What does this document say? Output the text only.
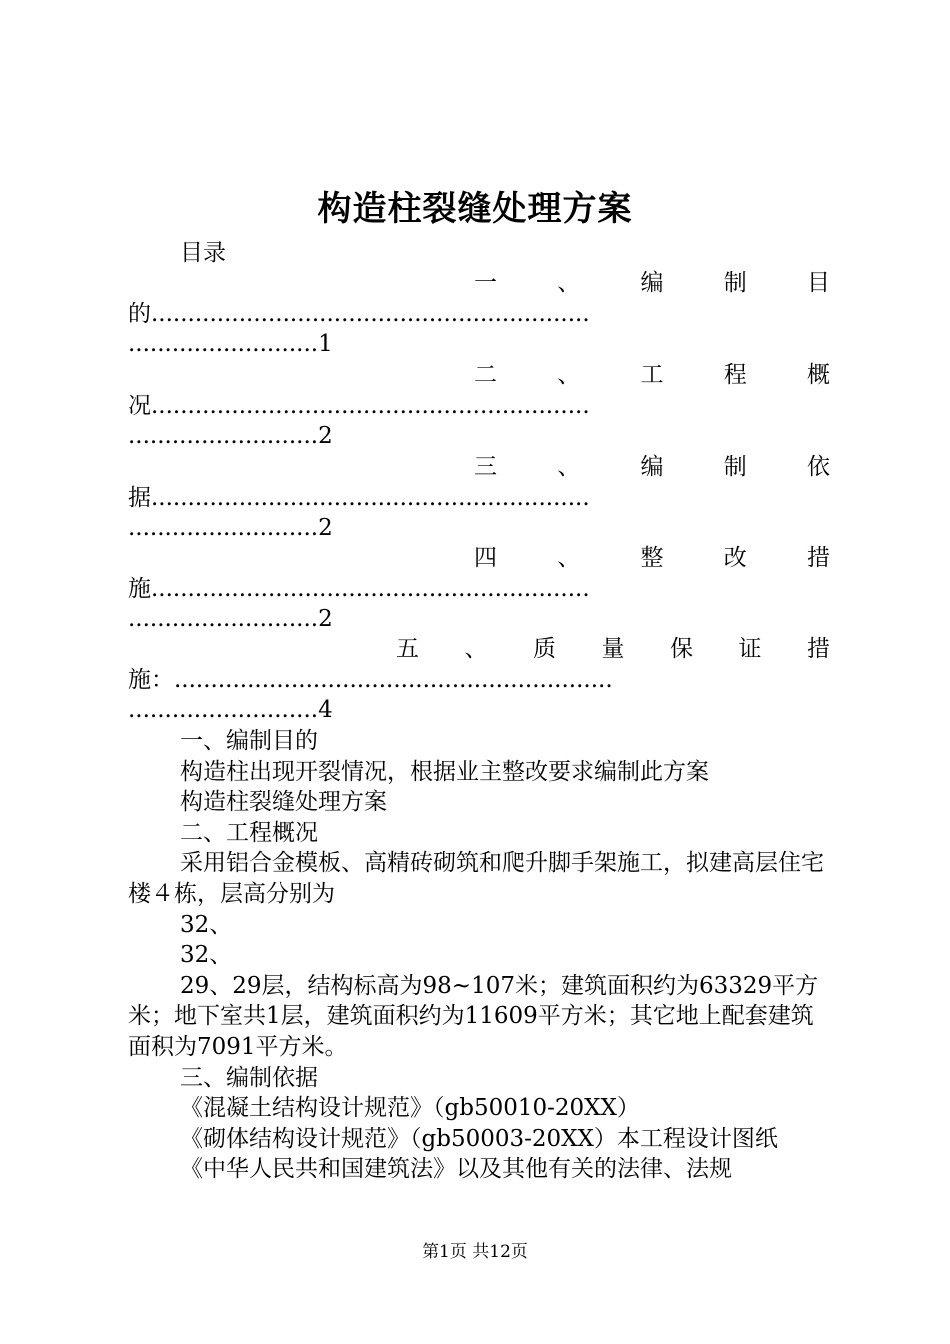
构造柱裂缝处理方案
目录
一	、	编	制	目
的............................................................
..........................1
二	、	工	程	概
况............................................................
..........................2
三	、	编	制	依
据............................................................
..........................2
四	、	整	改	措
施............................................................
..........................2
五 、 质 量 保 证 措
施：............................................................
..........................4

一、编制目的

构造柱出现开裂情况，根据业主整改要求编制此方案

构造柱裂缝处理方案

二、工程概况

采用铝合金模板、高精砖砌筑和爬升脚手架施工，拟建高层住宅楼４栋，层高分别为

32、

32、

29、29层，结构标高为98~107米；建筑面积约为63329平方米；地下室共1层，建筑面积约为11609平方米；其它地上配套建筑面积为7091平方米。

三、编制依据

《混凝土结构设计规范》（gb50010-20XX）

《砌体结构设计规范》（gb50003-20XX）本工程设计图纸

《中华人民共和国建筑法》以及其他有关的法律、法规

第1页 共12页
